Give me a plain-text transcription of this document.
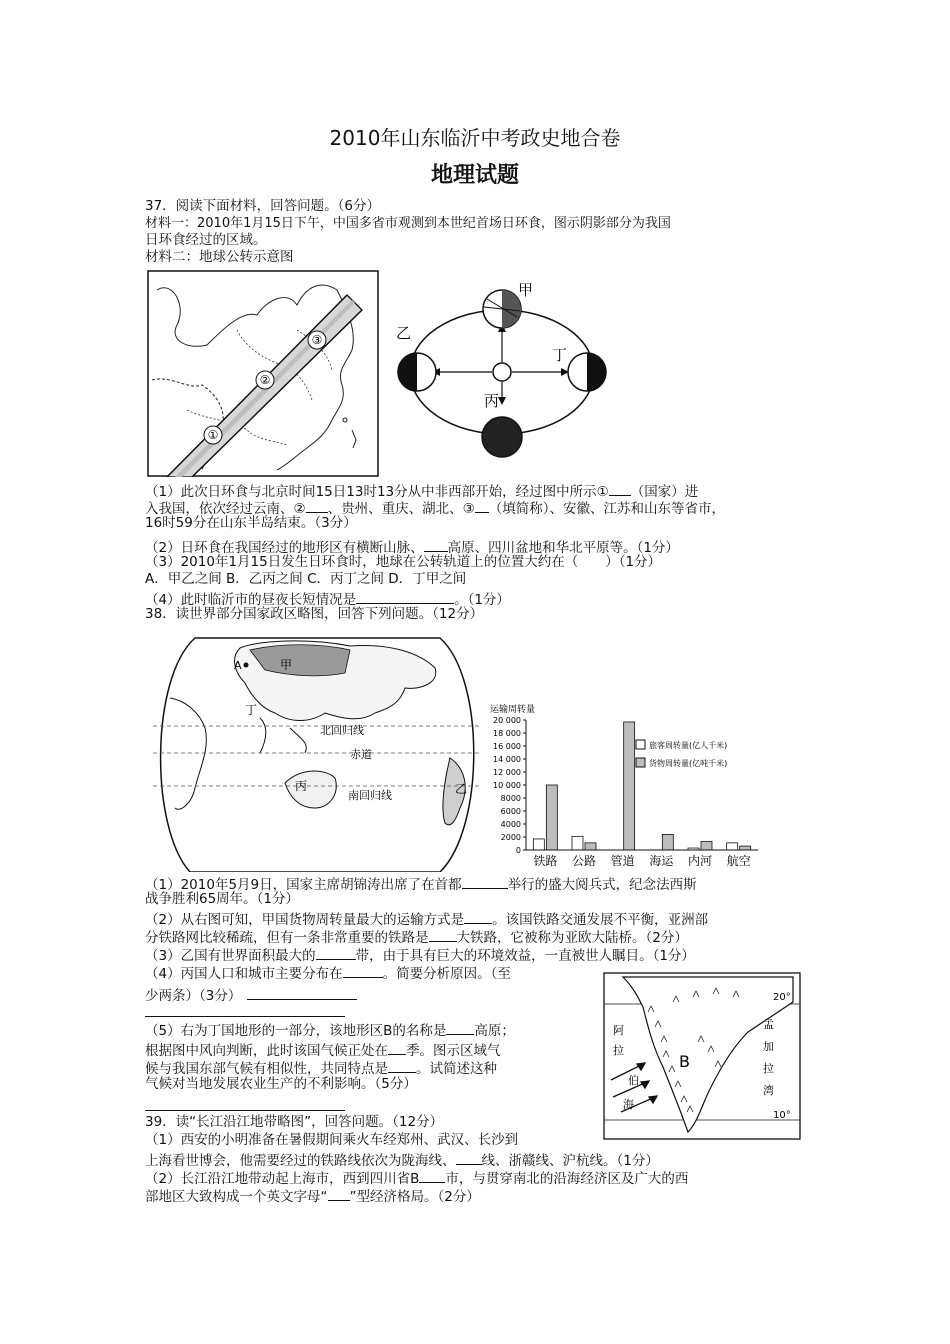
2010年山东临沂中考政史地合卷
地理试题
37．阅读下面材料，回答问题。（6分）
材料一：2010年1月15日下午，中国多省市观测到本世纪首场日环食，图示阴影部分为我国
日环食经过的区域。
材料二：地球公转示意图
①
②
③
甲
乙
丙
丁
（1）此次日环食与北京时间15日13时13分从中非西部开始，经过图中所示① （国家）进
入我国，依次经过云南、② 、贵州、重庆、湖北、③ （填简称）、安徽、江苏和山东等省市，
16时59分在山东半岛结束。（3分）
（2）日环食在我国经过的地形区有横断山脉、 高原、四川盆地和华北平原等。（1分）
（3）2010年1月15日发生日环食时，地球在公转轨道上的位置大约在（　　）（1分）
A．甲乙之间 B．乙丙之间 C．丙丁之间 D．丁甲之间
（4）此时临沂市的昼夜长短情况是	。（1分）
38．读世界部分国家政区略图，回答下列问题。（12分）
甲
A
丁
丙	乙
北回归线
赤道
南回归线
运输周转量
0
2000
4000
6000
8000
10 000
12 000
14 000
16 000
18 000
20 000
铁路 公路 管道 海运 内河 航空
旅客周转量(亿人千米)
货物周转量(亿吨千米)
（1）2010年5月9日，国家主席胡锦涛出席了在首都	举行的盛大阅兵式，纪念法西斯
战争胜利65周年。（1分）
（2）从右图可知，甲国货物周转量最大的运输方式是 。该国铁路交通发展不平衡，亚洲部
分铁路网比较稀疏，但有一条非常重要的铁路是 大铁路，它被称为亚欧大陆桥。（2分）
（3）乙国有世界面积最大的	带，由于具有巨大的环境效益，一直被世人瞩目。（1分）
（4）丙国人口和城市主要分布在	。简要分析原因。（至
少两条）（3分）
（5）右为丁国地形的一部分，该地形区B的名称是 高原；
根据图中风向判断，此时该国气候正处在 季。图示区域气
候与我国东部气候有相似性，共同特点是 。试简述这种
气候对当地发展农业生产的不利影响。（5分）
B
20°
10°
阿
拉
伯
海
孟
加
拉
湾
39．读“长江沿江地带略图”，回答问题。（12分）
（1）西安的小明准备在暑假期间乘火车经郑州、武汉、长沙到
上海看世博会，他需要经过的铁路线依次为陇海线、 线、浙赣线、沪杭线。（1分）
（2）长江沿江地带动起上海市，西到四川省B 市，与贯穿南北的沿海经济区及广大的西
部地区大致构成一个英文字母“ ”型经济格局。（2分）
